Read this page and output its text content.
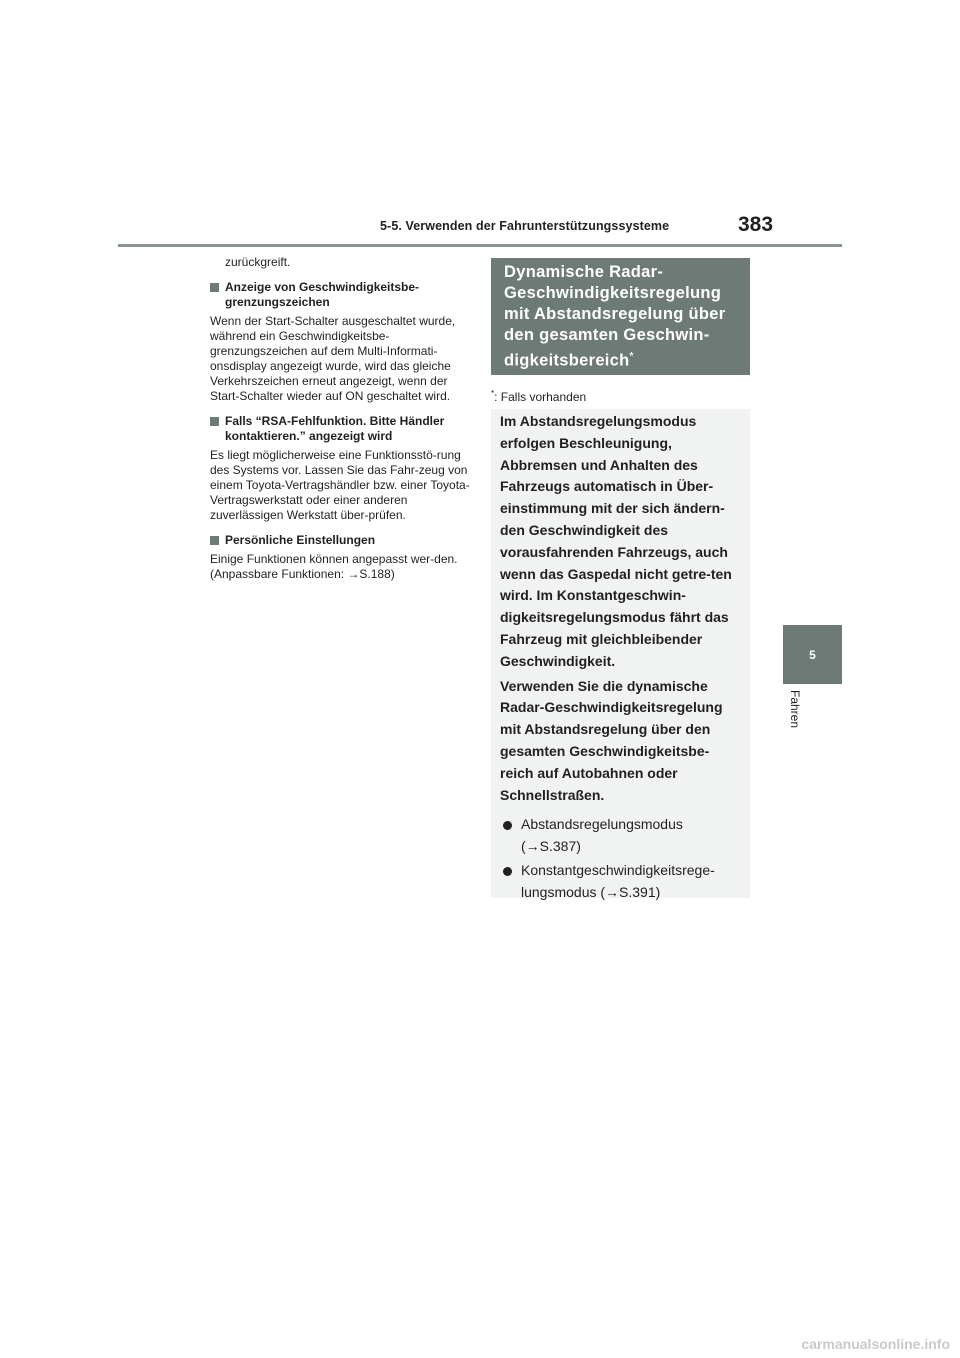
5-5. Verwenden der Fahrunterstützungssysteme	383
5
Fahren

zurückgreift.

Anzeige von Geschwindigkeitsbe-grenzungszeichen

Wenn der Start-Schalter ausgeschaltet wurde, während ein Geschwindigkeitsbe-grenzungszeichen auf dem Multi-Informati-onsdisplay angezeigt wurde, wird das gleiche Verkehrszeichen erneut angezeigt, wenn der Start-Schalter wieder auf ON geschaltet wird.

Falls “RSA-Fehlfunktion. Bitte Händler kontaktieren.” angezeigt wird

Es liegt möglicherweise eine Funktionsstö-rung des Systems vor. Lassen Sie das Fahr-zeug von einem Toyota-Vertragshändler bzw. einer Toyota-Vertragswerkstatt oder einer anderen zuverlässigen Werkstatt über-prüfen.

Persönliche Einstellungen

Einige Funktionen können angepasst wer-den. (Anpassbare Funktionen: →S.188)

Dynamische Radar-Geschwindigkeitsregelung mit Abstandsregelung über den gesamten Geschwin-digkeitsbereich*
*: Falls vorhanden

Im Abstandsregelungsmodus erfolgen Beschleunigung, Abbremsen und Anhalten des Fahrzeugs automatisch in Über-einstimmung mit der sich ändern-den Geschwindigkeit des vorausfahrenden Fahrzeugs, auch wenn das Gaspedal nicht getre-ten wird. Im Konstantgeschwin-digkeitsregelungsmodus fährt das Fahrzeug mit gleichbleibender Geschwindigkeit.

Verwenden Sie die dynamische Radar-Geschwindigkeitsregelung mit Abstandsregelung über den gesamten Geschwindigkeitsbe-reich auf Autobahnen oder Schnellstraßen.

Abstandsregelungsmodus (→S.387)
Konstantgeschwindigkeitsrege-lungsmodus (→S.391)
carmanualsonline.info
